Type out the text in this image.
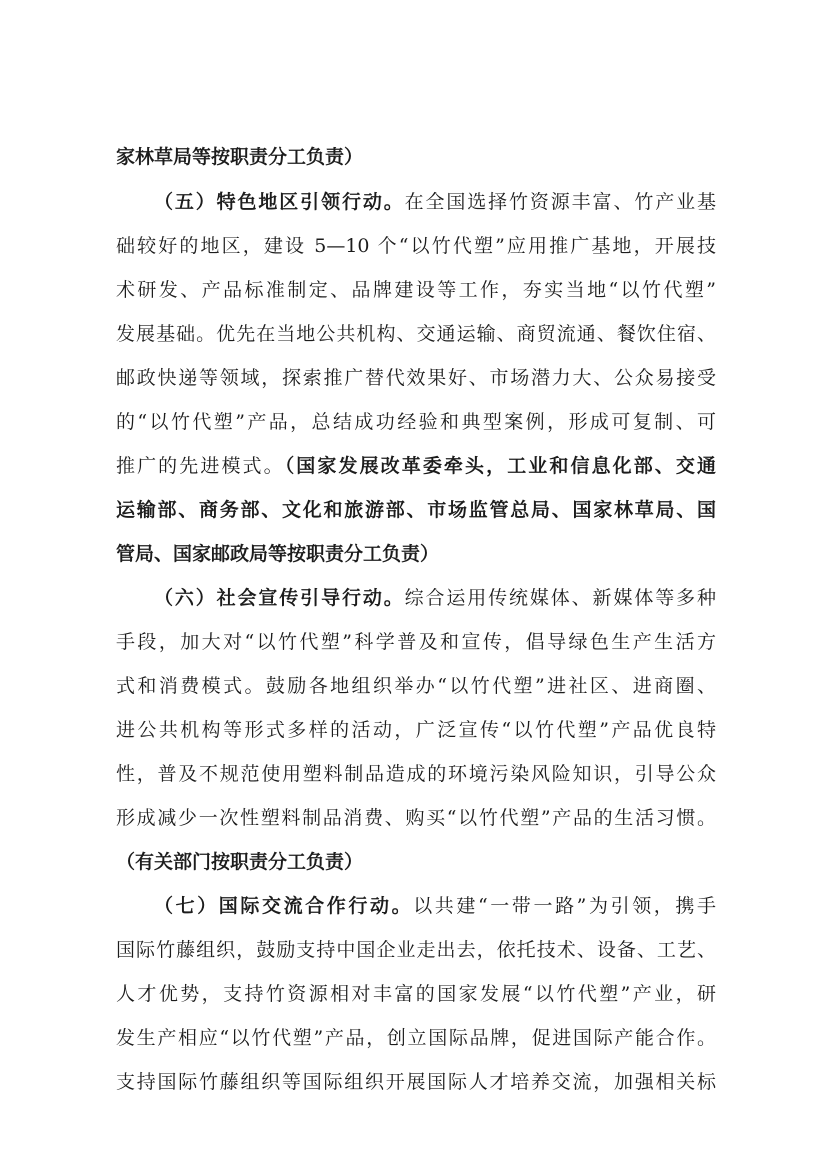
家林草局等按职责分工负责）
（五）特色地区引领行动。在全国选择竹资源丰富、竹产业基
础较好的地区，建设 5—10 个“以竹代塑”应用推广基地，开展技
术研发、产品标准制定、品牌建设等工作，夯实当地“以竹代塑”
发展基础。优先在当地公共机构、交通运输、商贸流通、餐饮住宿、
邮政快递等领域，探索推广替代效果好、市场潜力大、公众易接受
的“以竹代塑”产品，总结成功经验和典型案例，形成可复制、可
推广的先进模式。（国家发展改革委牵头，工业和信息化部、交通
运输部、商务部、文化和旅游部、市场监管总局、国家林草局、国
管局、国家邮政局等按职责分工负责）
（六）社会宣传引导行动。综合运用传统媒体、新媒体等多种
手段，加大对“以竹代塑”科学普及和宣传，倡导绿色生产生活方
式和消费模式。鼓励各地组织举办“以竹代塑”进社区、进商圈、
进公共机构等形式多样的活动，广泛宣传“以竹代塑”产品优良特
性，普及不规范使用塑料制品造成的环境污染风险知识，引导公众
形成减少一次性塑料制品消费、购买“以竹代塑”产品的生活习惯。
（有关部门按职责分工负责）
（七）国际交流合作行动。以共建“一带一路”为引领，携手
国际竹藤组织，鼓励支持中国企业走出去，依托技术、设备、工艺、
人才优势，支持竹资源相对丰富的国家发展“以竹代塑”产业，研
发生产相应“以竹代塑”产品，创立国际品牌，促进国际产能合作。
支持国际竹藤组织等国际组织开展国际人才培养交流，加强相关标
